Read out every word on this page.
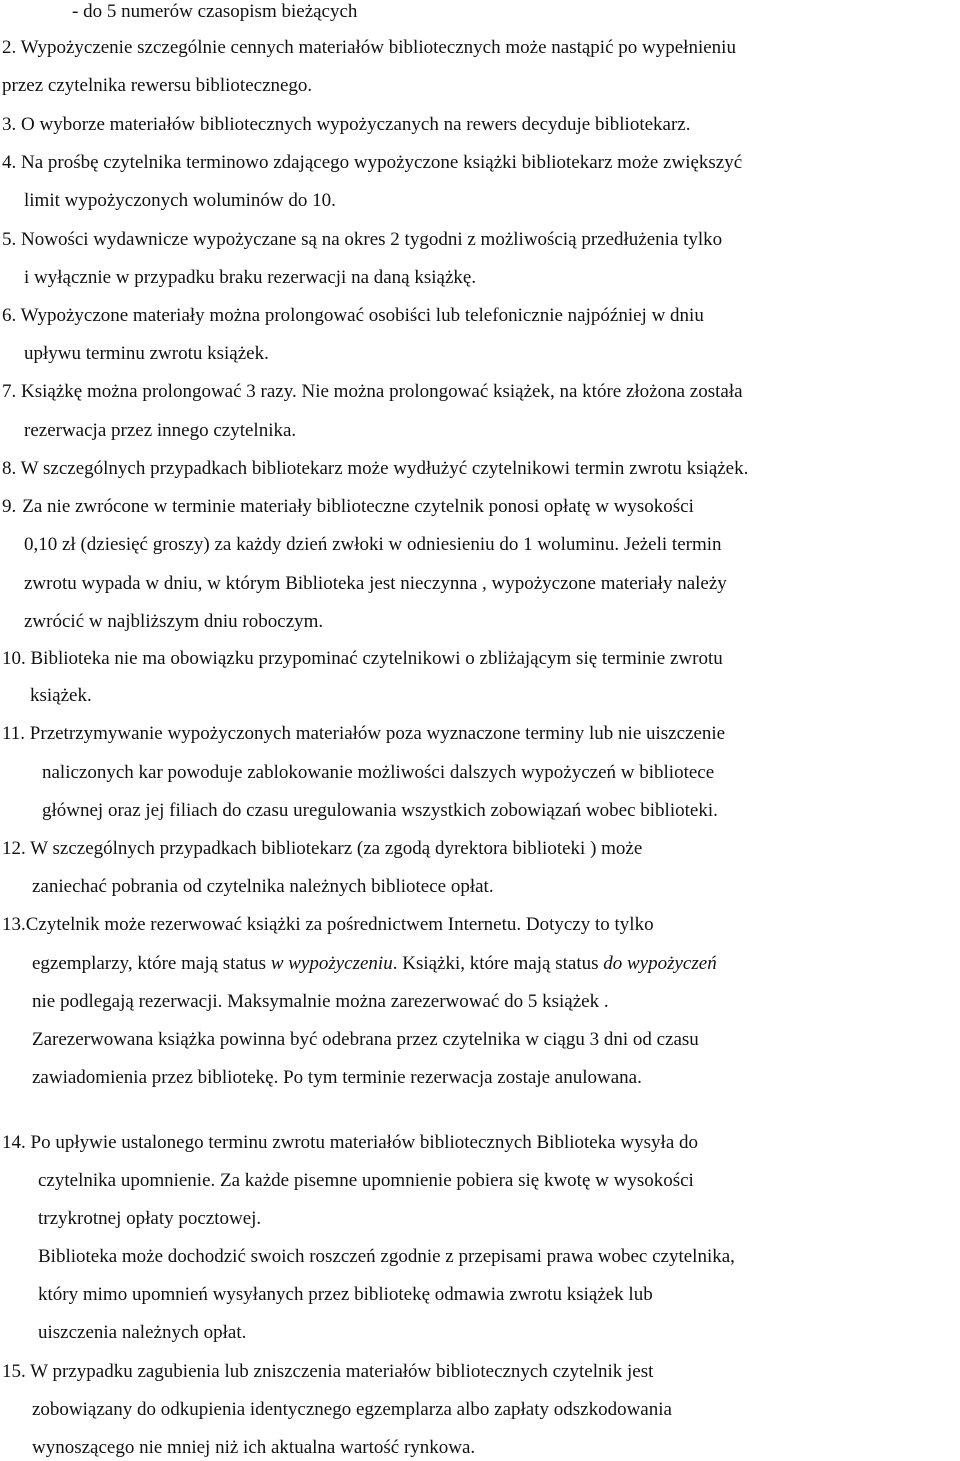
- do 5 numerów czasopism bieżących
2. Wypożyczenie szczególnie cennych materiałów bibliotecznych może nastąpić po wypełnieniu
przez czytelnika rewersu bibliotecznego.
3. O wyborze materiałów bibliotecznych wypożyczanych na rewers decyduje bibliotekarz.
4. Na prośbę czytelnika terminowo zdającego wypożyczone książki bibliotekarz może zwiększyć
limit wypożyczonych woluminów do 10.
5. Nowości wydawnicze wypożyczane są na okres 2 tygodni z możliwością przedłużenia tylko
i wyłącznie w przypadku braku rezerwacji na daną książkę.
6. Wypożyczone materiały można prolongować osobiści lub telefonicznie najpóźniej w dniu
upływu terminu zwrotu książek.
7. Książkę można prolongować 3 razy. Nie można prolongować książek, na które złożona została
rezerwacja przez innego czytelnika.
8. W szczególnych przypadkach bibliotekarz może wydłużyć czytelnikowi termin zwrotu książek.
9. Za nie zwrócone w terminie materiały biblioteczne czytelnik ponosi opłatę w wysokości
0,10 zł (dziesięć groszy) za każdy dzień zwłoki w odniesieniu do 1 woluminu. Jeżeli termin
zwrotu wypada w dniu, w którym Biblioteka jest nieczynna , wypożyczone materiały należy
zwrócić w najbliższym dniu roboczym.
10. Biblioteka nie ma obowiązku przypominać czytelnikowi o zbliżającym się terminie zwrotu
książek.
11. Przetrzymywanie wypożyczonych materiałów poza wyznaczone terminy lub nie uiszczenie
naliczonych kar powoduje zablokowanie możliwości dalszych wypożyczeń w bibliotece
głównej oraz jej filiach do czasu uregulowania wszystkich zobowiązań wobec biblioteki.
12. W szczególnych przypadkach bibliotekarz (za zgodą dyrektora biblioteki ) może
zaniechać pobrania od czytelnika należnych bibliotece opłat.
13.Czytelnik może rezerwować książki za pośrednictwem Internetu. Dotyczy to tylko
egzemplarzy, które mają status w wypożyczeniu. Książki, które mają status do wypożyczeń
nie podlegają rezerwacji. Maksymalnie można zarezerwować do 5 książek .
Zarezerwowana książka powinna być odebrana przez czytelnika w ciągu 3 dni od czasu
zawiadomienia przez bibliotekę. Po tym terminie rezerwacja zostaje anulowana.
14. Po upływie ustalonego terminu zwrotu materiałów bibliotecznych Biblioteka wysyła do
czytelnika upomnienie. Za każde pisemne upomnienie pobiera się kwotę w wysokości
trzykrotnej opłaty pocztowej.
Biblioteka może dochodzić swoich roszczeń zgodnie z przepisami prawa wobec czytelnika,
który mimo upomnień wysyłanych przez bibliotekę odmawia zwrotu książek lub
uiszczenia należnych opłat.
15. W przypadku zagubienia lub zniszczenia materiałów bibliotecznych czytelnik jest
zobowiązany do odkupienia identycznego egzemplarza albo zapłaty odszkodowania
wynoszącego nie mniej niż ich aktualna wartość rynkowa.
